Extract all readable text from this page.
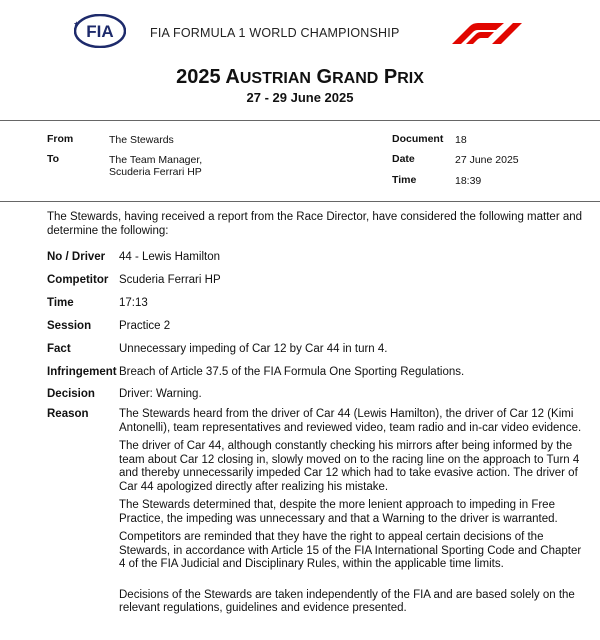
FIA	FIA FORMULA 1 WORLD CHAMPIONSHIP
2025 AUSTRIAN GRAND PRIX
27 - 29 June 2025
From	The Stewards
To	The Team Manager,
Scuderia Ferrari HP
Document 18
Date	27 June 2025
Time	18:39
The Stewards, having received a report from the Race Director, have considered the following matter and determine the following:
No / Driver 44 - Lewis Hamilton
Competitor Scuderia Ferrari HP
Time	17:13
Session Practice 2
Fact	Unnecessary impeding of Car 12 by Car 44 in turn 4.
Infringement Breach of Article 37.5 of the FIA Formula One Sporting Regulations.
Decision Driver: Warning.
Reason	The Stewards heard from the driver of Car 44 (Lewis Hamilton), the driver of Car 12 (Kimi Antonelli), team representatives and reviewed video, team radio and in-car video evidence.

The driver of Car 44, although constantly checking his mirrors after being informed by the team about Car 12 closing in, slowly moved on to the racing line on the approach to Turn 4 and thereby unnecessarily impeded Car 12 which had to take evasive action. The driver of Car 44 apologized directly after realizing his mistake.

The Stewards determined that, despite the more lenient approach to impeding in Free Practice, the impeding was unnecessary and that a Warning to the driver is warranted.

Competitors are reminded that they have the right to appeal certain decisions of the Stewards, in accordance with Article 15 of the FIA International Sporting Code and Chapter 4 of the FIA Judicial and Disciplinary Rules, within the applicable time limits.

Decisions of the Stewards are taken independently of the FIA and are based solely on the relevant regulations, guidelines and evidence presented.
